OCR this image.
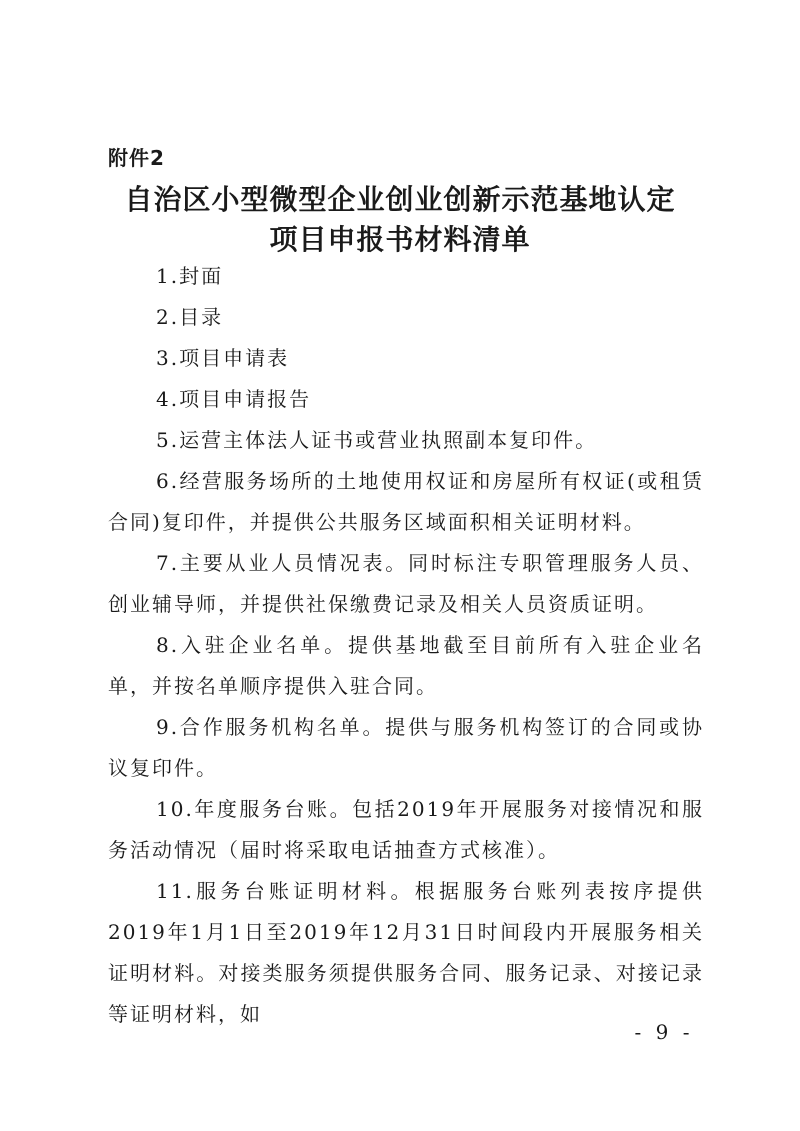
附件2
自治区小型微型企业创业创新示范基地认定
项目申报书材料清单

1.封面

2.目录

3.项目申请表

4.项目申请报告

5.运营主体法人证书或营业执照副本复印件。

6.经营服务场所的土地使用权证和房屋所有权证(或租赁合同)复印件，并提供公共服务区域面积相关证明材料。

7.主要从业人员情况表。同时标注专职管理服务人员、创业辅导师，并提供社保缴费记录及相关人员资质证明。

8.入驻企业名单。提供基地截至目前所有入驻企业名单，并按名单顺序提供入驻合同。

9.合作服务机构名单。提供与服务机构签订的合同或协议复印件。

10.年度服务台账。包括2019年开展服务对接情况和服务活动情况（届时将采取电话抽查方式核准）。

11.服务台账证明材料。根据服务台账列表按序提供2019年1月1日至2019年12月31日时间段内开展服务相关证明材料。对接类服务须提供服务合同、服务记录、对接记录等证明材料，如

- 9 -
